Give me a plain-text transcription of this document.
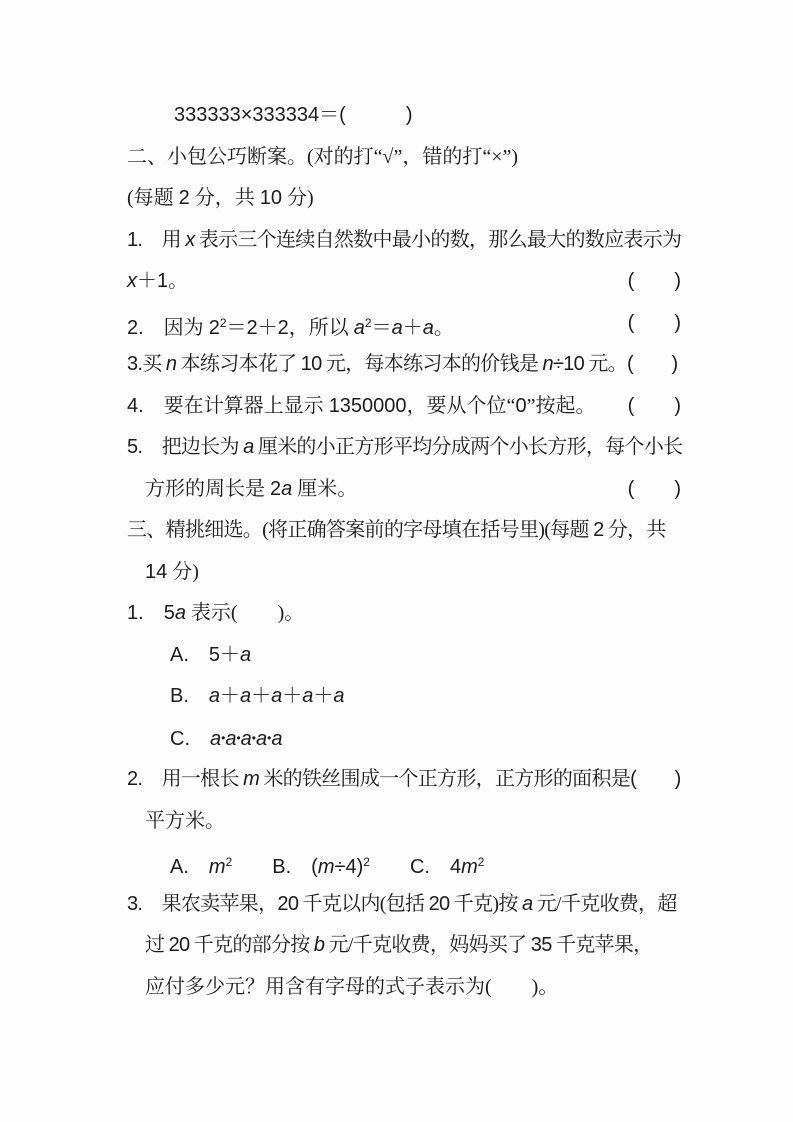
333333×333334＝(　　　)
二、小包公巧断案。(对的打“√”，错的打“×”)
(每题 2 分，共 10 分)
1.　用 x 表示三个连续自然数中最小的数，那么最大的数应表示为
x＋1。	(　　)
2.　因为 $2^2=2+2$，所以 $a^2=a+a$。	(　　)
3.买 n 本练习本花了 10 元，每本练习本的价钱是 n÷10 元。(　　)
4.　要在计算器上显示 1350000，要从个位“0”按起。 (　　)
5.　把边长为 a 厘米的小正方形平均分成两个小长方形，每个小长
方形的周长是 2a 厘米。	(　　)
三、精挑细选。(将正确答案前的字母填在括号里)(每题 2 分，共
14 分)
1.　 5a 表示(　　)。
A.　 5＋a
B.　 a＋a＋a＋a＋a
C.　 a•a•a•a•a
2.　用一根长 m 米的铁丝围成一个正方形，正方形的面积是(　　)
平方米。
A.　 $m^2$　　 B.　 $(m\div 4)^2$　　 C.　 $4m^2$
3.　果农卖苹果，20 千克以内(包括 20 千克)按 a 元/千克收费，超
过 20 千克的部分按 b 元/千克收费，妈妈买了 35 千克苹果，
应付多少元？用含有字母的式子表示为(　　)。
